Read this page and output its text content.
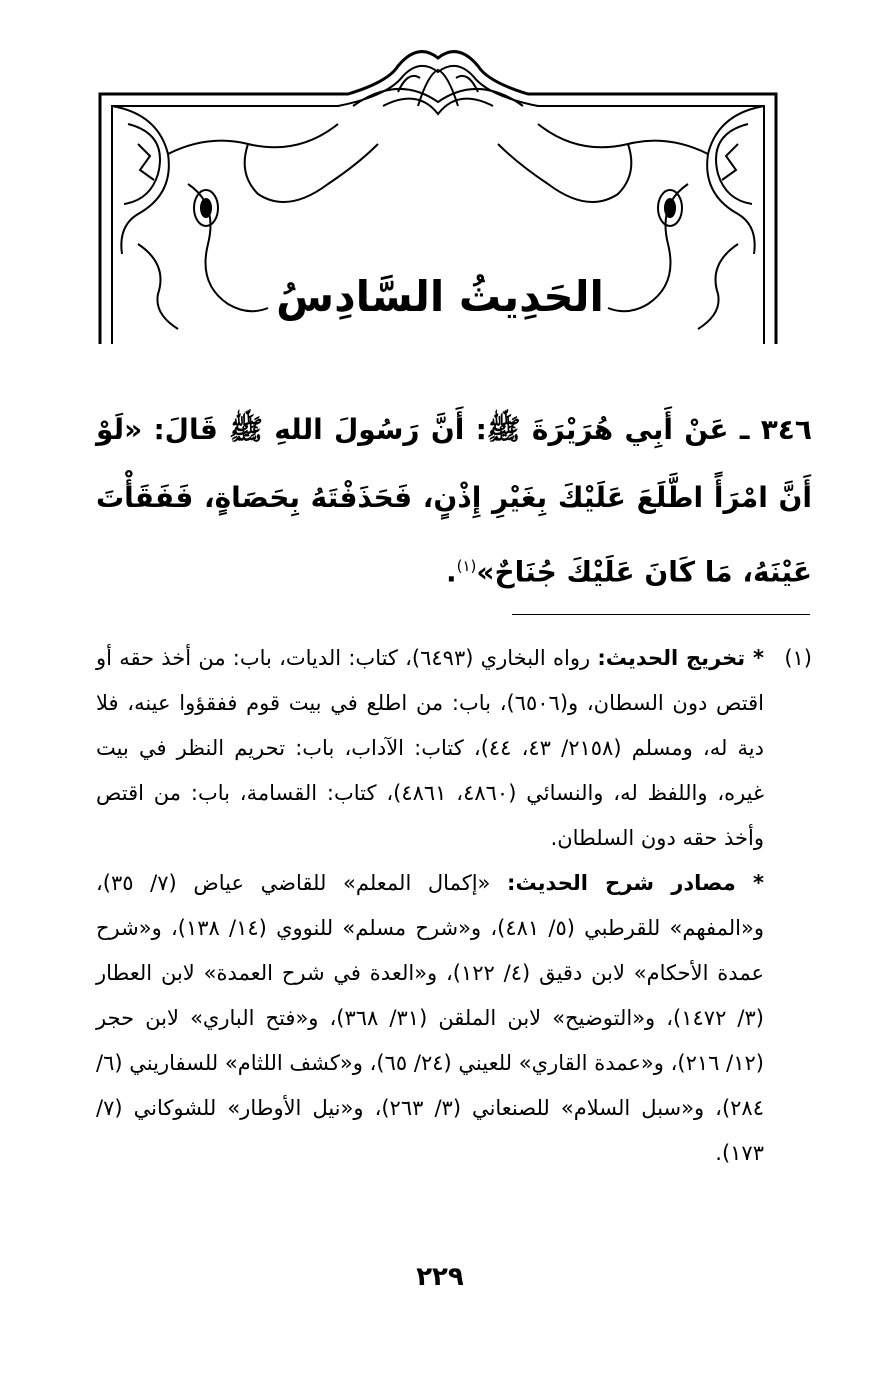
الحَدِيثُ السَّادِسُ
٣٤٦ ـ عَنْ أَبِي هُرَيْرَةَ ﷺ: أَنَّ رَسُولَ اللهِ ﷺ قَالَ: «لَوْ أَنَّ امْرَأً اطَّلَعَ عَلَيْكَ بِغَيْرِ إِذْنٍ، فَحَذَفْتَهُ بِحَصَاةٍ، فَفَقَأْتَ عَيْنَهُ، مَا كَانَ عَلَيْكَ جُنَاحٌ»$^{(١)}$.
(١)

* تخريج الحديث: رواه البخاري (٦٤٩٣)، كتاب: الديات، باب: من أخذ حقه أو اقتص دون السطان، و(٦٥٠٦)، باب: من اطلع في بيت قوم ففقؤوا عينه، فلا دية له، ومسلم (٢١٥٨/ ٤٣، ٤٤)، كتاب: الآداب، باب: تحريم النظر في بيت غيره، واللفظ له، والنسائي (٤٨٦٠، ٤٨٦١)، كتاب: القسامة، باب: من اقتص وأخذ حقه دون السلطان.

* مصادر شرح الحديث: «إكمال المعلم» للقاضي عياض (٧/ ٣٥)، و«المفهم» للقرطبي (٥/ ٤٨١)، و«شرح مسلم» للنووي (١٤/ ١٣٨)، و«شرح عمدة الأحكام» لابن دقيق (٤/ ١٢٢)، و«العدة في شرح العمدة» لابن العطار (٣/ ١٤٧٢)، و«التوضيح» لابن الملقن (٣١/ ٣٦٨)، و«فتح الباري» لابن حجر (١٢/ ٢١٦)، و«عمدة القاري» للعيني (٢٤/ ٦٥)، و«كشف اللثام» للسفاريني (٦/ ٢٨٤)، و«سبل السلام» للصنعاني (٣/ ٢٦٣)، و«نيل الأوطار» للشوكاني (٧/ ١٧٣).

٢٢٩
